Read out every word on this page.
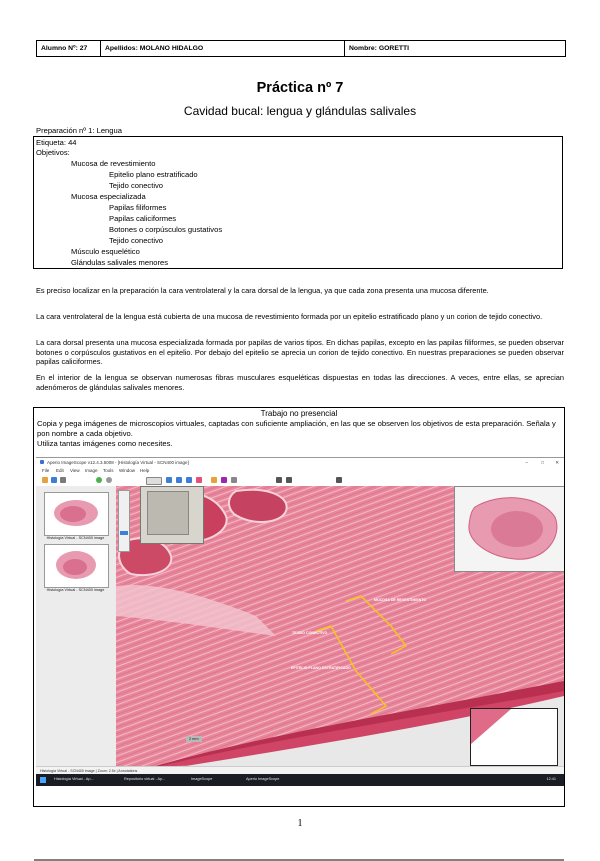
Alumno Nº: 27	Apellidos: MOLANO HIDALGO	Nombre: GORETTI
Práctica nº 7
Cavidad bucal: lengua y glándulas salivales
Preparación nº 1: Lengua
Etiqueta: 44
Objetivos:
Mucosa de revestimiento
Epitelio plano estratificado
Tejido conectivo
Mucosa especializada
Papilas filiformes
Papilas caliciformes
Botones o corpúsculos gustativos
Tejido conectivo
Músculo esquelético
Glándulas salivales menores
Es preciso localizar en la preparación la cara ventrolateral y la cara dorsal de la lengua, ya que cada zona presenta una mucosa diferente.
La cara ventrolateral de la lengua está cubierta de una mucosa de revestimiento formada por un epitelio estratificado plano y un corion de tejido conectivo.
La cara dorsal presenta una mucosa especializada formada por papilas de varios tipos. En dichas papilas, excepto en las papilas filiformes, se pueden observar botones o corpúsculos gustativos en el epitelio. Por debajo del epitelio se aprecia un corion de tejido conectivo. En nuestras preparaciones se pueden observar papilas caliciformes.
En el interior de la lengua se observan numerosas fibras musculares esqueléticas dispuestas en todas las direcciones. A veces, entre ellas, se aprecian adenómeros de glándulas salivales menores.
Trabajo no presencial
Copia y pega imágenes de microscopios virtuales, captadas con suficiente ampliación, en las que se observen los objetivos de esta preparación. Señala y pon nombre a cada objetivo.
Utiliza tantas imágenes como necesites.
Aperio ImageScope v12.4.3.5008 - [Histología Virtual - SCN400 image]	–	□ ✕
File Edit View Image Tools Window Help
Histología Virtual - SCN400 image
Histología Virtual - SCN400 image
MUCOSA DE REVESTIMIENTO
TEJIDO CONECTIVO
EPITELIO PLANO ESTRATIFICADO
2 mm
Histología Virtual - SCN400 image | Zoom: 2.5x | Annotations
Histología Virtual - Ap...	Repositorio virtual - Ap...	ImageScope	Aperio ImageScope	12:41
1
